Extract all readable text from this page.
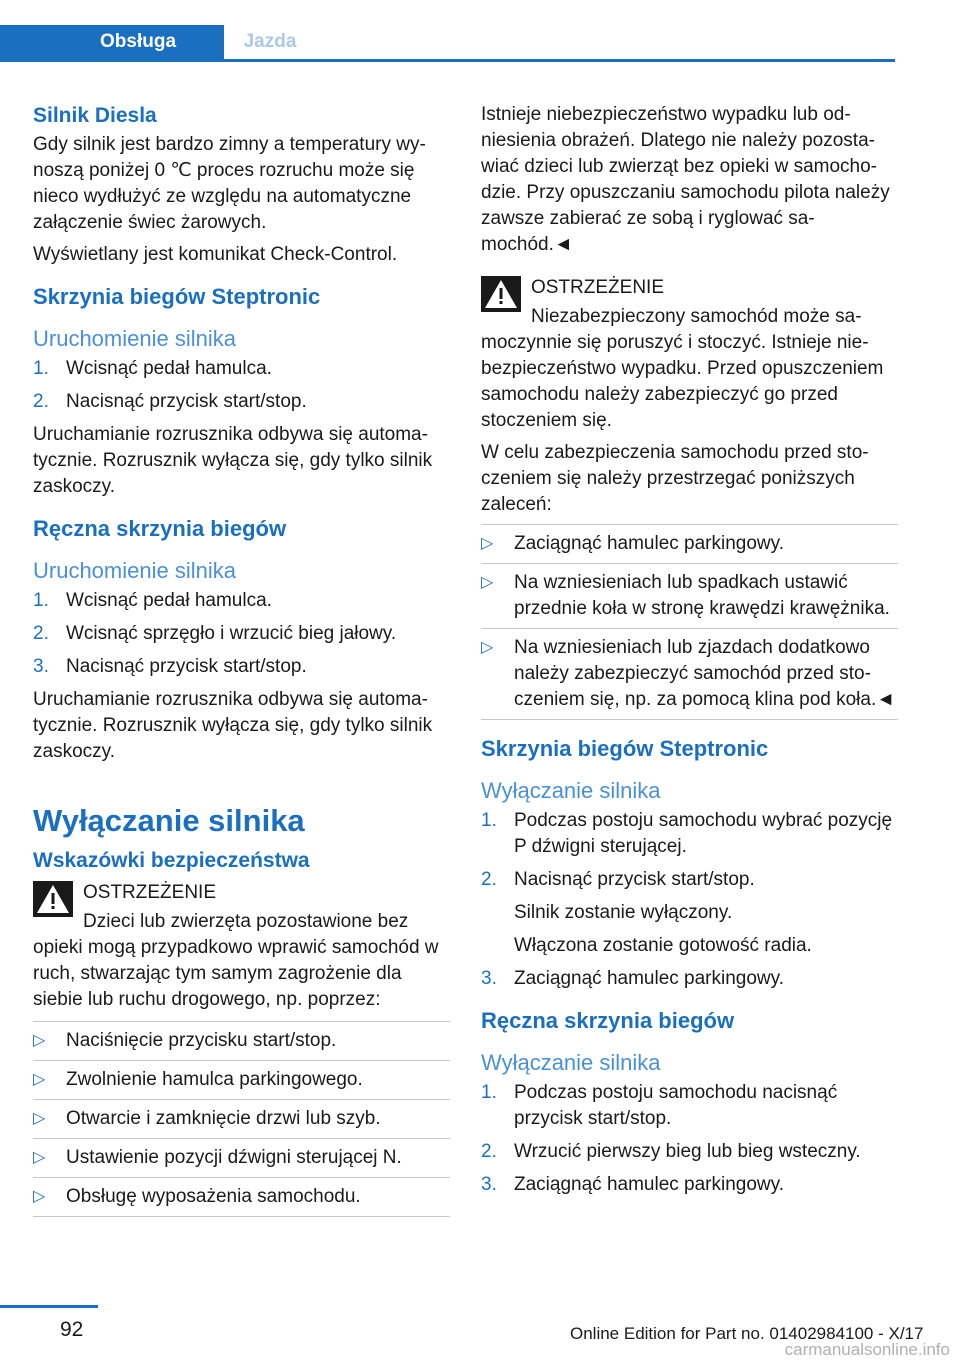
Obsługa	Jazda
Silnik Diesla

Gdy silnik jest bardzo zimny a temperatury wynoszą poniżej 0 ℃ proces rozruchu może się nieco wydłużyć ze względu na automatyczne załączenie świec żarowych.

Wyświetlany jest komunikat Check-Control.

Skrzynia biegów Steptronic
Uruchomienie silnika
1. Wcisnąć pedał hamulca.
2. Nacisnąć przycisk start/stop.

Uruchamianie rozrusznika odbywa się automatycznie. Rozrusznik wyłącza się, gdy tylko silnik zaskoczy.

Ręczna skrzynia biegów
Uruchomienie silnika
1. Wcisnąć pedał hamulca.
2. Wcisnąć sprzęgło i wrzucić bieg jałowy.
3. Nacisnąć przycisk start/stop.

Uruchamianie rozrusznika odbywa się automatycznie. Rozrusznik wyłącza się, gdy tylko silnik zaskoczy.

Wyłączanie silnika
Wskazówki bezpieczeństwa
OSTRZEŻENIE

Dzieci lub zwierzęta pozostawione bez opieki mogą przypadkowo wprawić samochód w ruch, stwarzając tym samym zagrożenie dla siebie lub ruchu drogowego, np. poprzez:

▷ Naciśnięcie przycisku start/stop.
▷ Zwolnienie hamulca parkingowego.
▷ Otwarcie i zamknięcie drzwi lub szyb.
▷ Ustawienie pozycji dźwigni sterującej N.
▷ Obsługę wyposażenia samochodu.

Istnieje niebezpieczeństwo wypadku lub odniesienia obrażeń. Dlatego nie należy pozostawiać dzieci lub zwierząt bez opieki w samochodzie. Przy opuszczaniu samochodu pilota należy zawsze zabierać ze sobą i ryglować samochód.◄

OSTRZEŻENIE

Niezabezpieczony samochód może samoczynnie się poruszyć i stoczyć. Istnieje niebezpieczeństwo wypadku. Przed opuszczeniem samochodu należy zabezpieczyć go przed stoczeniem się.

W celu zabezpieczenia samochodu przed stoczeniem się należy przestrzegać poniższych zaleceń:

▷ Zaciągnąć hamulec parkingowy.
▷ Na wzniesieniach lub spadkach ustawić przednie koła w stronę krawędzi krawężnika.
▷ Na wzniesieniach lub zjazdach dodatkowo należy zabezpieczyć samochód przed stoczeniem się, np. za pomocą klina pod koła.◄
Skrzynia biegów Steptronic
Wyłączanie silnika
1. Podczas postoju samochodu wybrać pozycję P dźwigni sterującej.
2. Nacisnąć przycisk start/stop.
Silnik zostanie wyłączony.
Włączona zostanie gotowość radia.
3. Zaciągnąć hamulec parkingowy.
Ręczna skrzynia biegów
Wyłączanie silnika
1. Podczas postoju samochodu nacisnąć przycisk start/stop.
2. Wrzucić pierwszy bieg lub bieg wsteczny.
3. Zaciągnąć hamulec parkingowy.
92	Online Edition for Part no. 01402984100 - X/17
carmanualsonline.info
